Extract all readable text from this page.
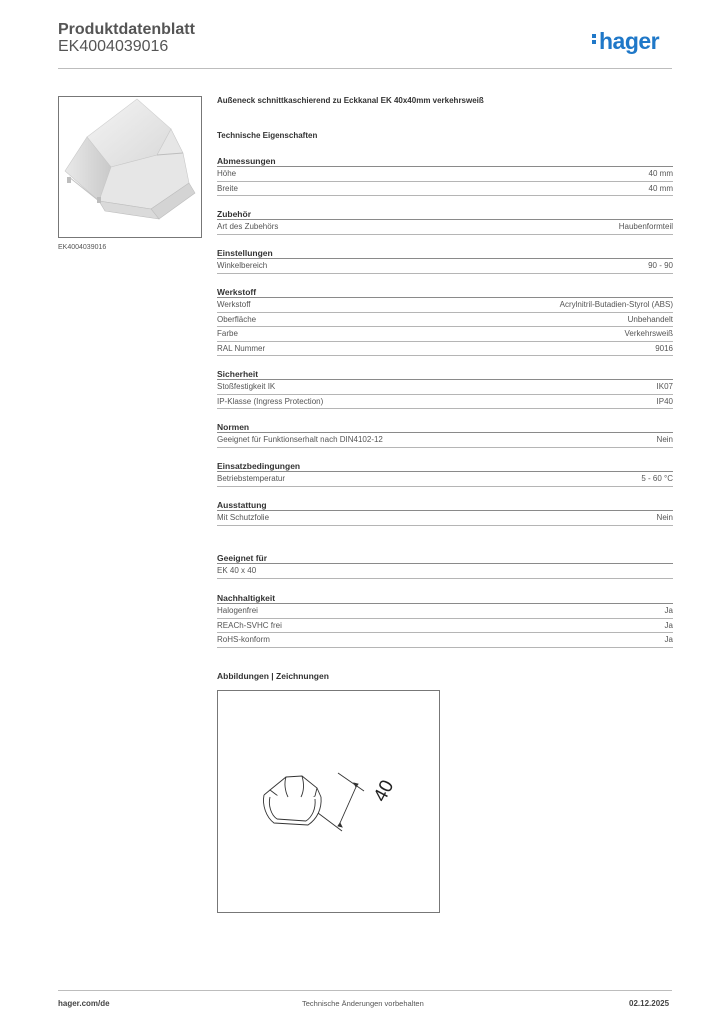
Produktdatenblatt
EK4004039016	hager
EK4004039016
Außeneck schnittkaschierend zu Eckkanal EK 40x40mm verkehrsweiß
Technische Eigenschaften
Abmessungen
Höhe	40 mm
Breite	40 mm
Zubehör
Art des Zubehörs	Haubenformteil
Einstellungen
Winkelbereich	90 - 90
Werkstoff
Werkstoff	Acrylnitril-Butadien-Styrol (ABS)
Oberfläche	Unbehandelt
Farbe	Verkehrsweiß
RAL Nummer	9016
Sicherheit
Stoßfestigkeit IK	IK07
IP-Klasse (Ingress Protection)	IP40
Normen
Geeignet für Funktionserhalt nach DIN4102-12	Nein
Einsatzbedingungen
Betriebstemperatur	5 - 60 °C
Ausstattung
Mit Schutzfolie	Nein
Geeignet für
EK 40 x 40
Nachhaltigkeit
Halogenfrei	Ja
REACh-SVHC frei	Ja
RoHS-konform	Ja
Abbildungen | Zeichnungen
40
hager.com/de	Technische Änderungen vorbehalten	02.12.2025
